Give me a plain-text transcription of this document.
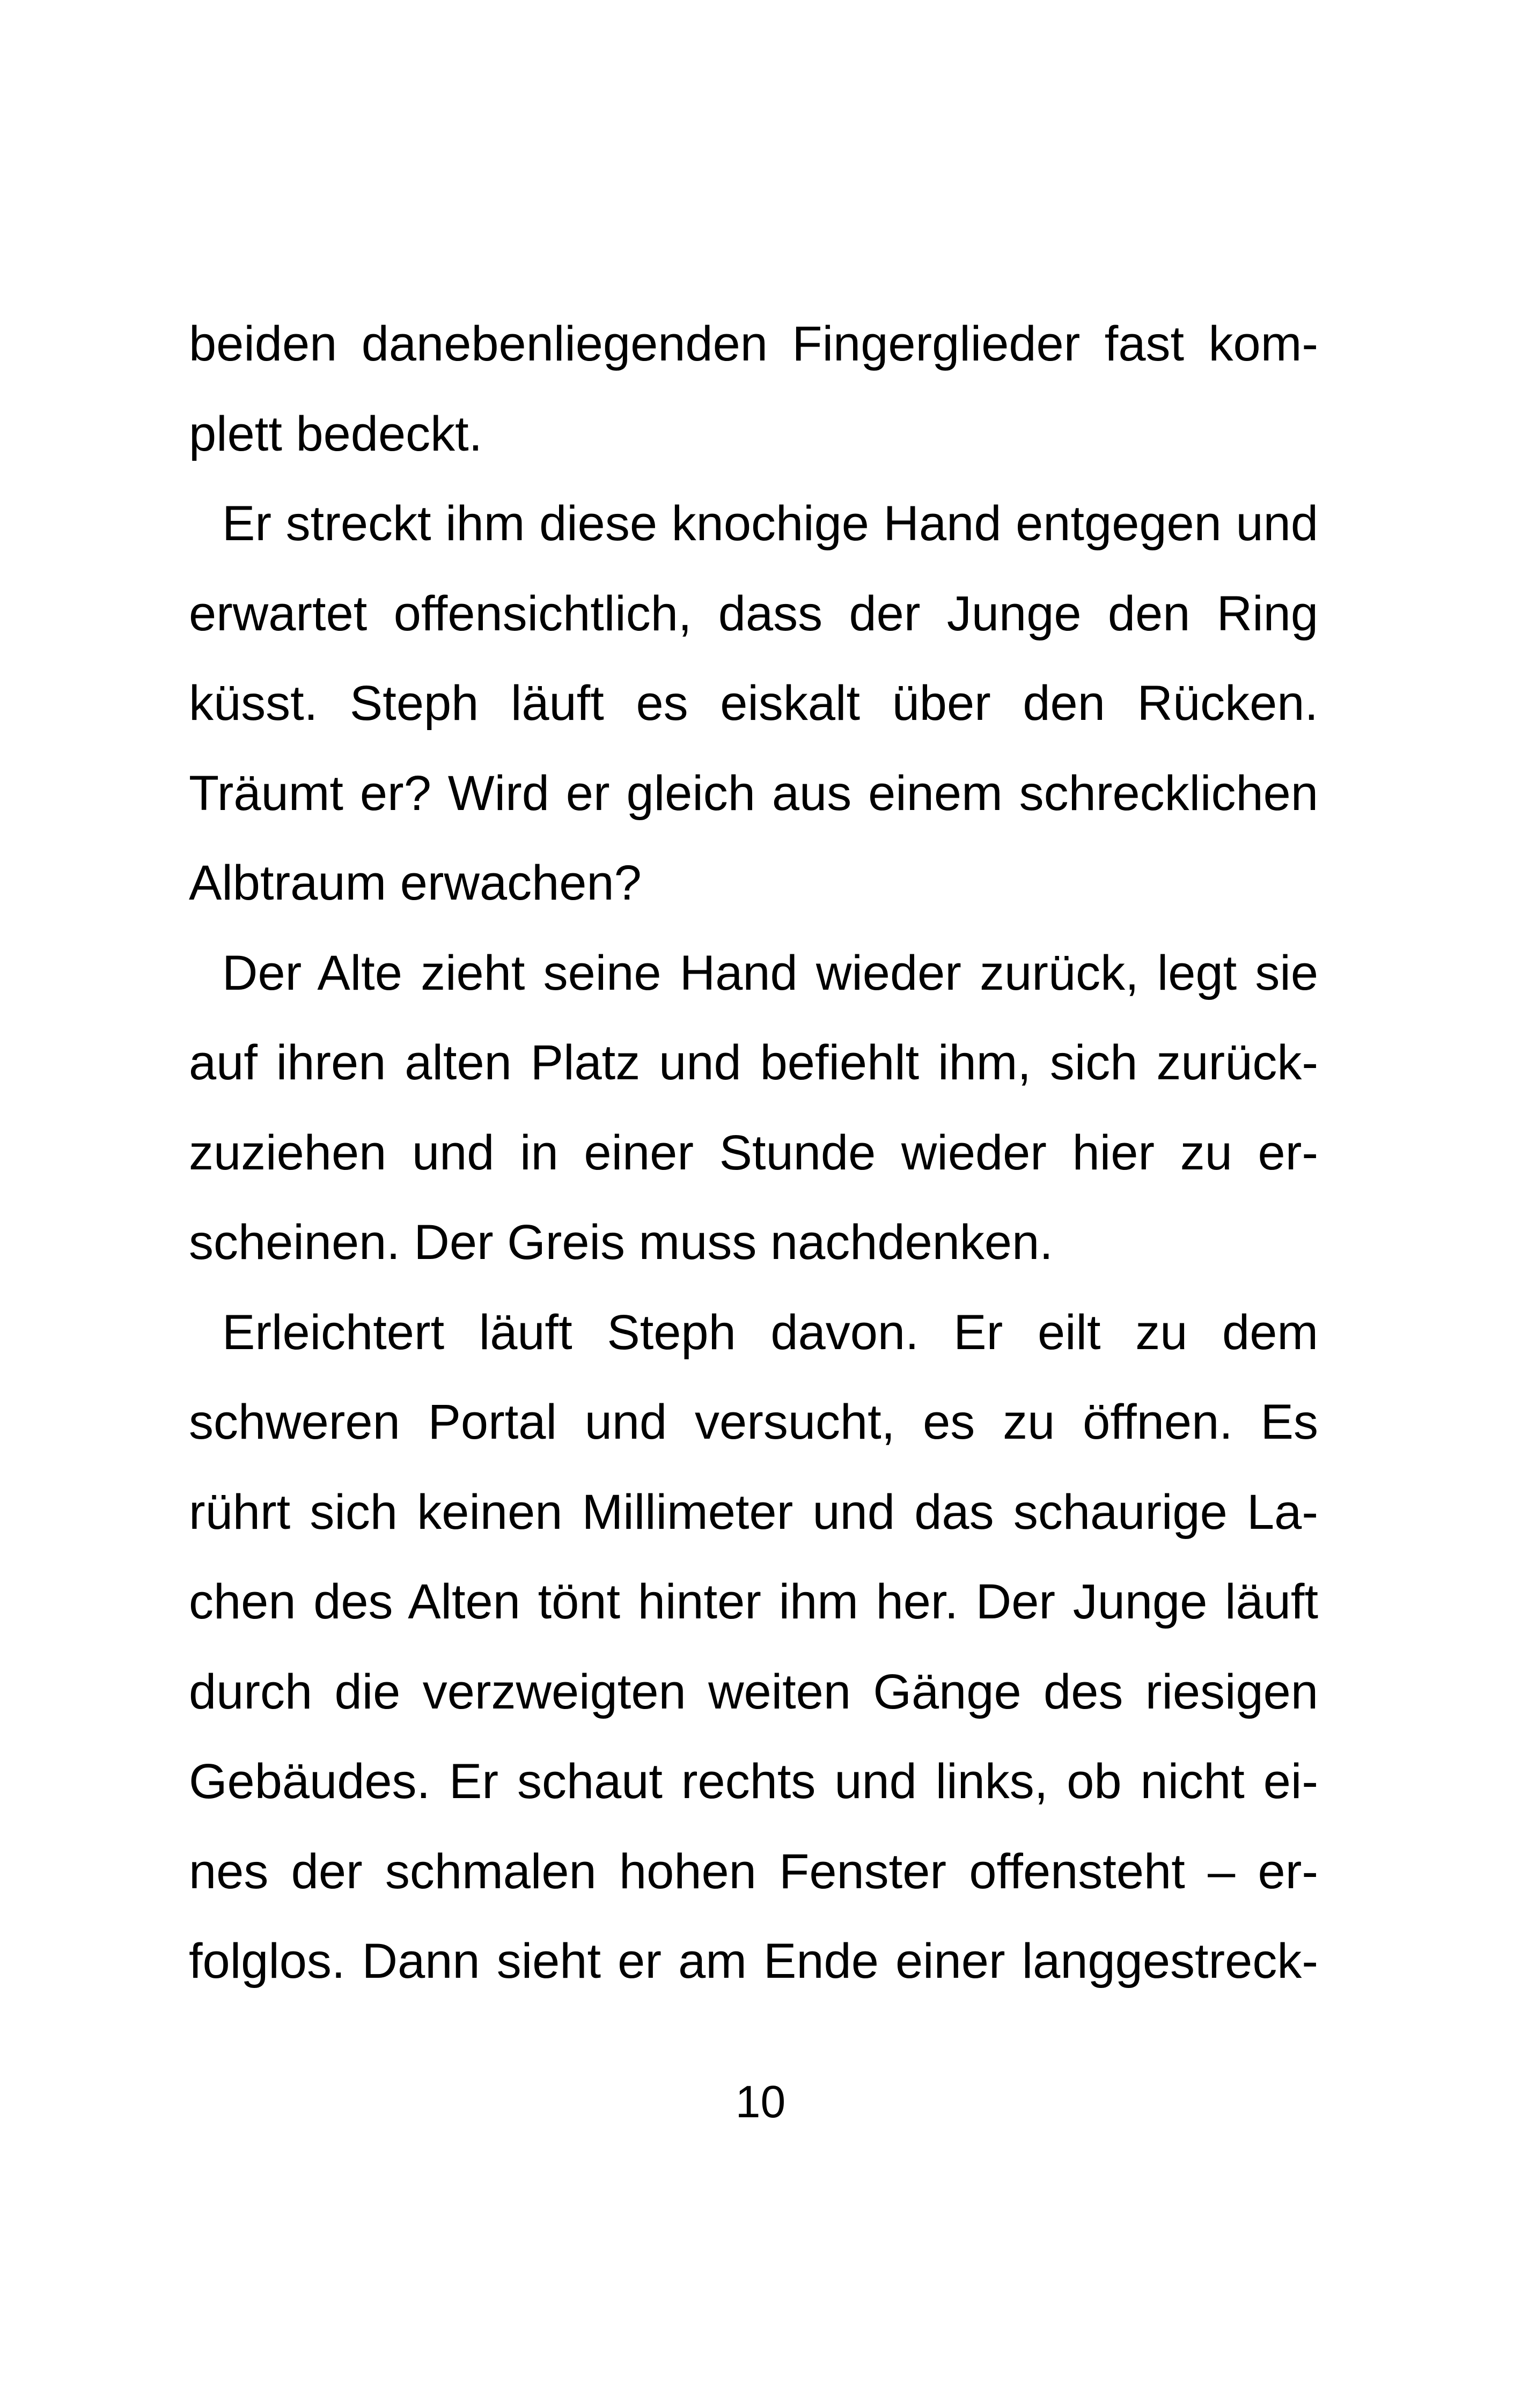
beiden danebenliegenden Fingerglieder fast kom-
plett bedeckt.
Er streckt ihm diese knochige Hand entgegen und
erwartet offensichtlich, dass der Junge den Ring
küsst. Steph läuft es eiskalt über den Rücken.
Träumt er? Wird er gleich aus einem schrecklichen
Albtraum erwachen?
Der Alte zieht seine Hand wieder zurück, legt sie
auf ihren alten Platz und befiehlt ihm, sich zurück-
zuziehen und in einer Stunde wieder hier zu er-
scheinen. Der Greis muss nachdenken.
Erleichtert läuft Steph davon. Er eilt zu dem
schweren Portal und versucht, es zu öffnen. Es
rührt sich keinen Millimeter und das schaurige La-
chen des Alten tönt hinter ihm her. Der Junge läuft
durch die verzweigten weiten Gänge des riesigen
Gebäudes. Er schaut rechts und links, ob nicht ei-
nes der schmalen hohen Fenster offensteht – er-
folglos. Dann sieht er am Ende einer langgestreck-
10
